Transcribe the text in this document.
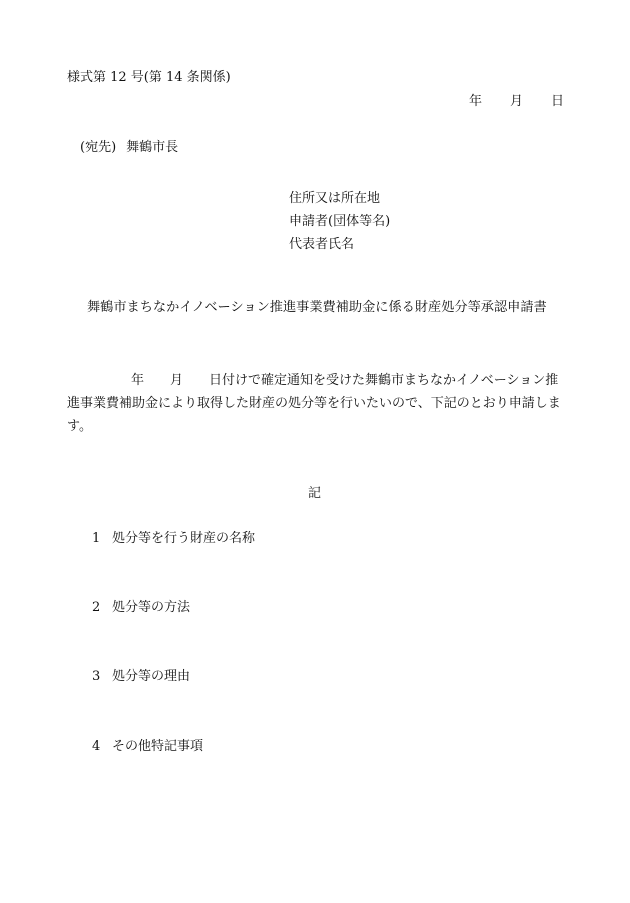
様式第 12 号(第 14 条関係)
年 月 日
(宛先) 舞鶴市長
住所又は所在地
申請者(団体等名)
代表者氏名
舞鶴市まちなかイノベーション推進事業費補助金に係る財産処分等承認申請書
年 月 日付けで確定通知を受けた舞鶴市まちなかイノベーション推進事業費補助金により取得した財産の処分等を行いたいので、下記のとおり申請します。
記
1 処分等を行う財産の名称
2 処分等の方法
3 処分等の理由
4 その他特記事項
